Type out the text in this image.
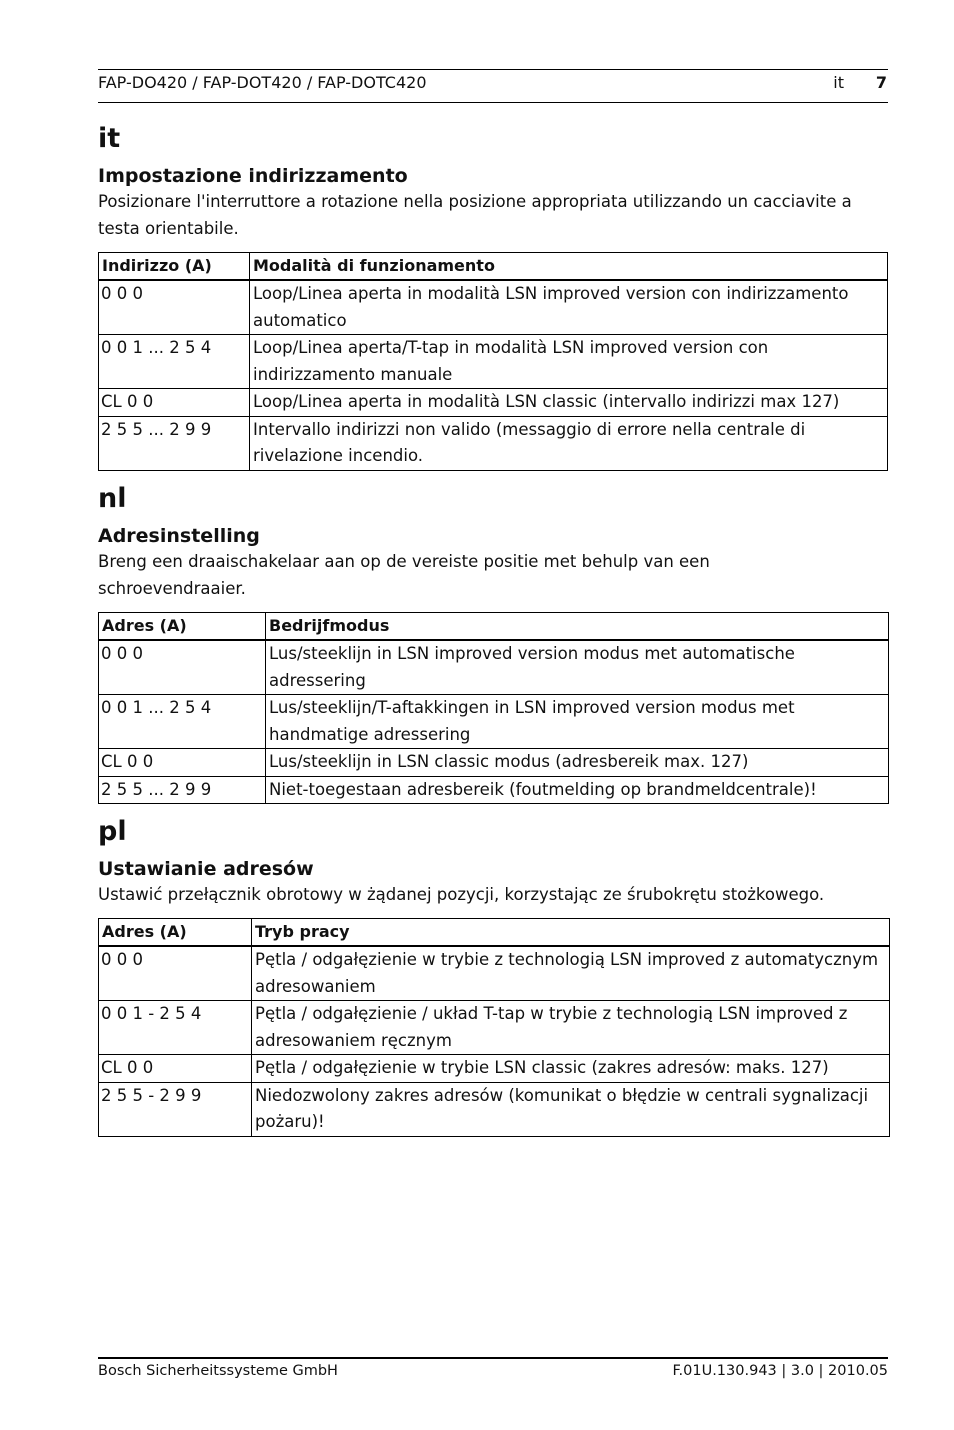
FAP-DO420 / FAP-DOT420 / FAP-DOTC420	it 7
it
Impostazione indirizzamento

Posizionare l'interruttore a rotazione nella posizione appropriata utilizzando un cacciavite a testa orientabile.

Indirizzo (A)	Modalità di funzionamento
0 0 0	Loop/Linea aperta in modalità LSN improved version con indirizzamento automatico
0 0 1 ... 2 5 4	Loop/Linea aperta/T-tap in modalità LSN improved version con indirizzamento manuale
CL 0 0	Loop/Linea aperta in modalità LSN classic (intervallo indirizzi max 127)
2 5 5 ... 2 9 9	Intervallo indirizzi non valido (messaggio di errore nella centrale di rivelazione incendio.
nl
Adresinstelling

Breng een draaischakelaar aan op de vereiste positie met behulp van een schroevendraaier.

Adres (A)	Bedrijfmodus
0 0 0	Lus/steeklijn in LSN improved version modus met automatische adressering
0 0 1 ... 2 5 4	Lus/steeklijn/T-aftakkingen in LSN improved version modus met handmatige adressering
CL 0 0	Lus/steeklijn in LSN classic modus (adresbereik max. 127)
2 5 5 ... 2 9 9	Niet-toegestaan adresbereik (foutmelding op brandmeldcentrale)!
pl
Ustawianie adresów

Ustawić przełącznik obrotowy w żądanej pozycji, korzystając ze śrubokrętu stożkowego.

Adres (A)	Tryb pracy
0 0 0	Pętla / odgałęzienie w trybie z technologią LSN improved z automatycznym adresowaniem
0 0 1 - 2 5 4	Pętla / odgałęzienie / układ T-tap w trybie z technologią LSN improved z adresowaniem ręcznym
CL 0 0	Pętla / odgałęzienie w trybie LSN classic (zakres adresów: maks. 127)
2 5 5 - 2 9 9	Niedozwolony zakres adresów (komunikat o błędzie w centrali sygnalizacji pożaru)!
Bosch Sicherheitssysteme GmbH	F.01U.130.943 | 3.0 | 2010.05
